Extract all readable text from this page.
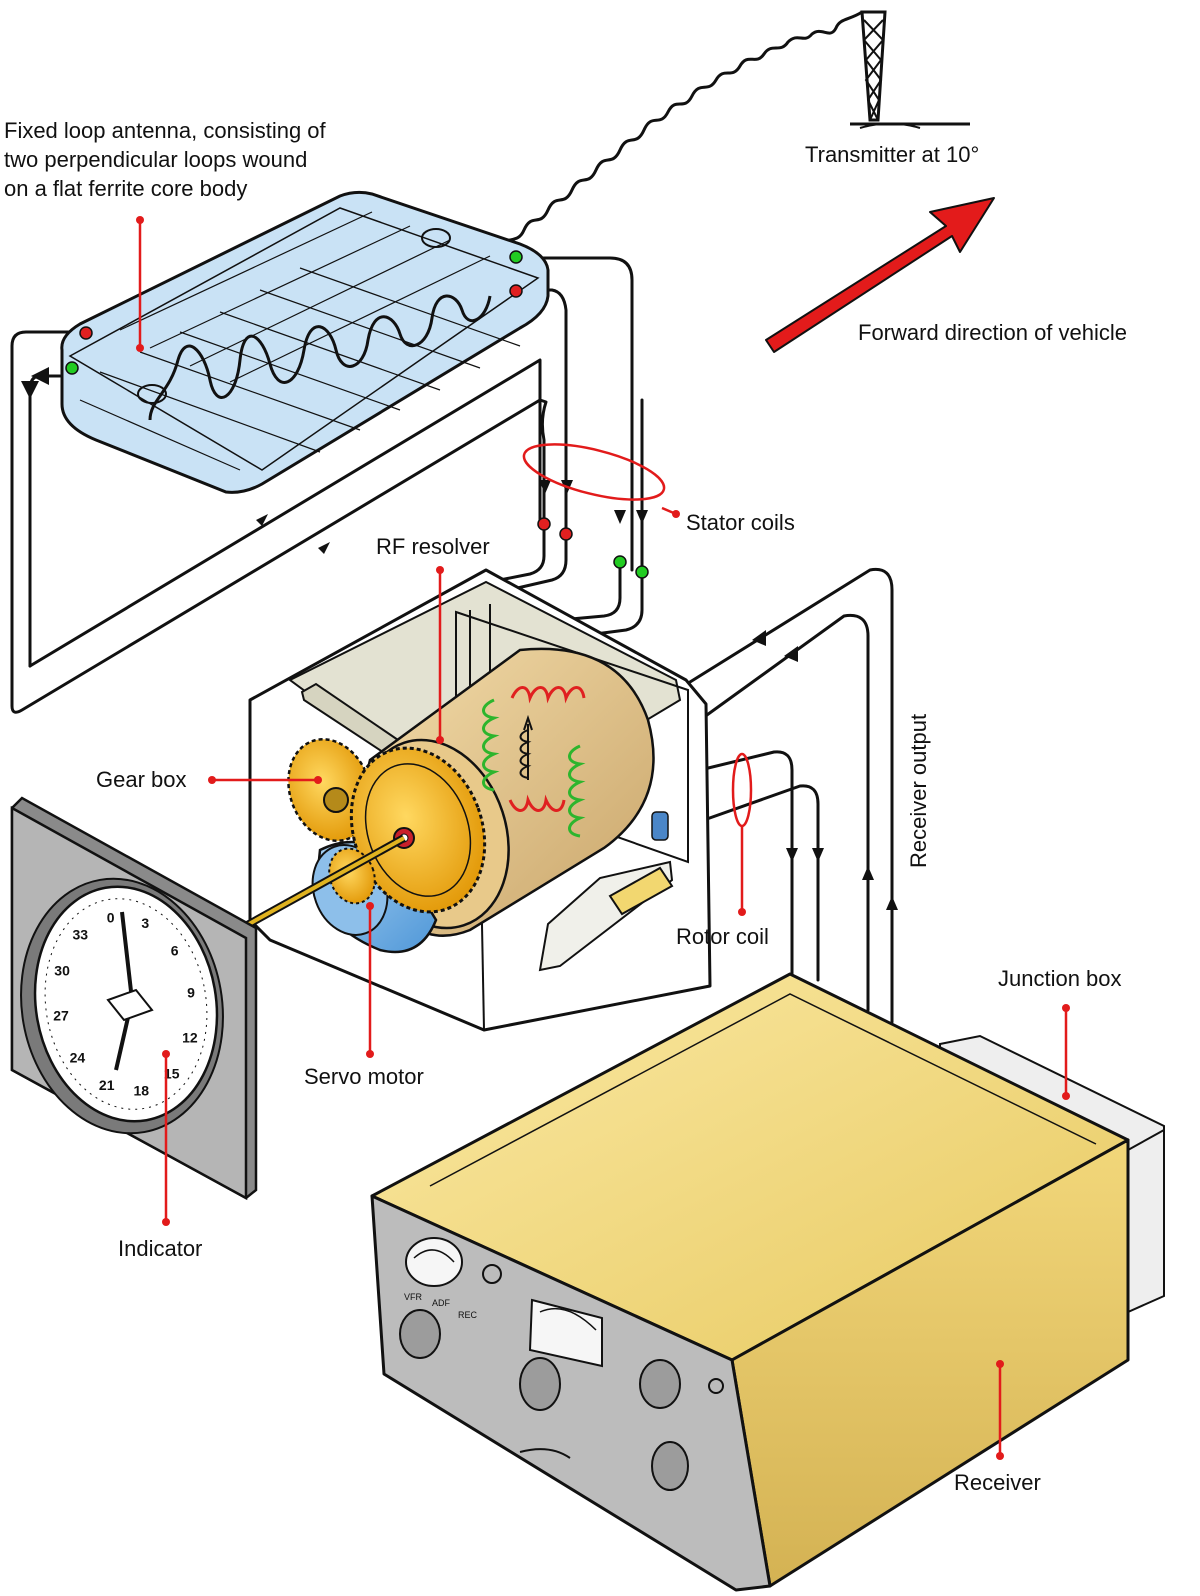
Transmitter at 10°
Forward direction of vehicle
Fixed loop antenna, consisting of two perpendicular loops wound on a flat ferrite core body
Stator coils
Receiver output
RF resolver
Gear box
Servo motor
Rotor coil
0 3
6
9
12
15
18
21
24
27
30
33
Indicator
Junction box
VFR
ADF
REC
Receiver
